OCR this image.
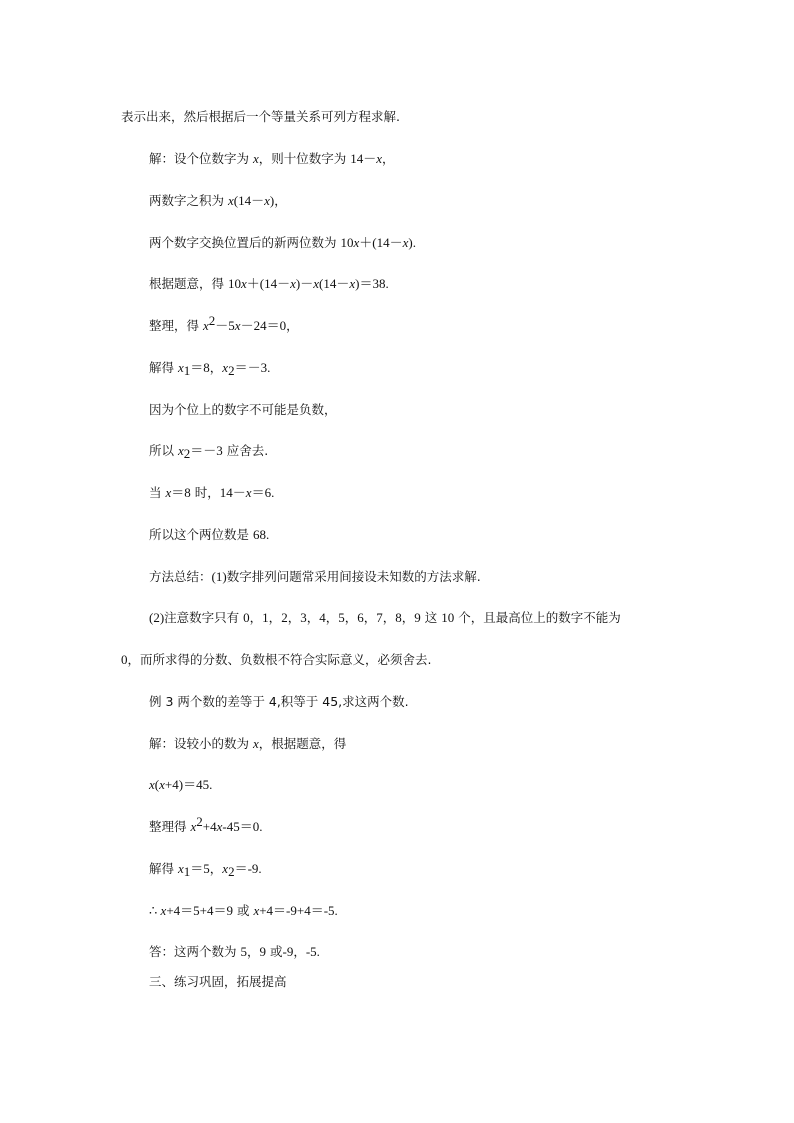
表示出来，然后根据后一个等量关系可列方程求解.
解：设个位数字为 x，则十位数字为 14－x，
两数字之积为 x(14－x)，
两个数字交换位置后的新两位数为 10x＋(14－x).
根据题意，得 10x＋(14－x)－x(14－x)＝38.
整理，得 $x^2-5x-24=0$，
解得 $x_1=8$，$x_2=-3$.
因为个位上的数字不可能是负数，
所以 $x_2=-3$ 应舍去.
当 x＝8 时，14－x＝6.
所以这个两位数是 68.
方法总结：(1)数字排列问题常采用间接设未知数的方法求解.
(2)注意数字只有 0，1，2，3，4，5，6，7，8，9 这 10 个，且最高位上的数字不能为
0，而所求得的分数、负数根不符合实际意义，必须舍去.
例 3 两个数的差等于 4,积等于 45,求这两个数.
解：设较小的数为 x，根据题意，得
x(x+4)＝45.
整理得 $x^2+4x-45=0$.
解得 $x_1=5$，$x_2=-9$.
∴ x+4＝5+4＝9 或 x+4＝-9+4＝-5.
答：这两个数为 5，9 或-9，-5.
三、练习巩固，拓展提高
